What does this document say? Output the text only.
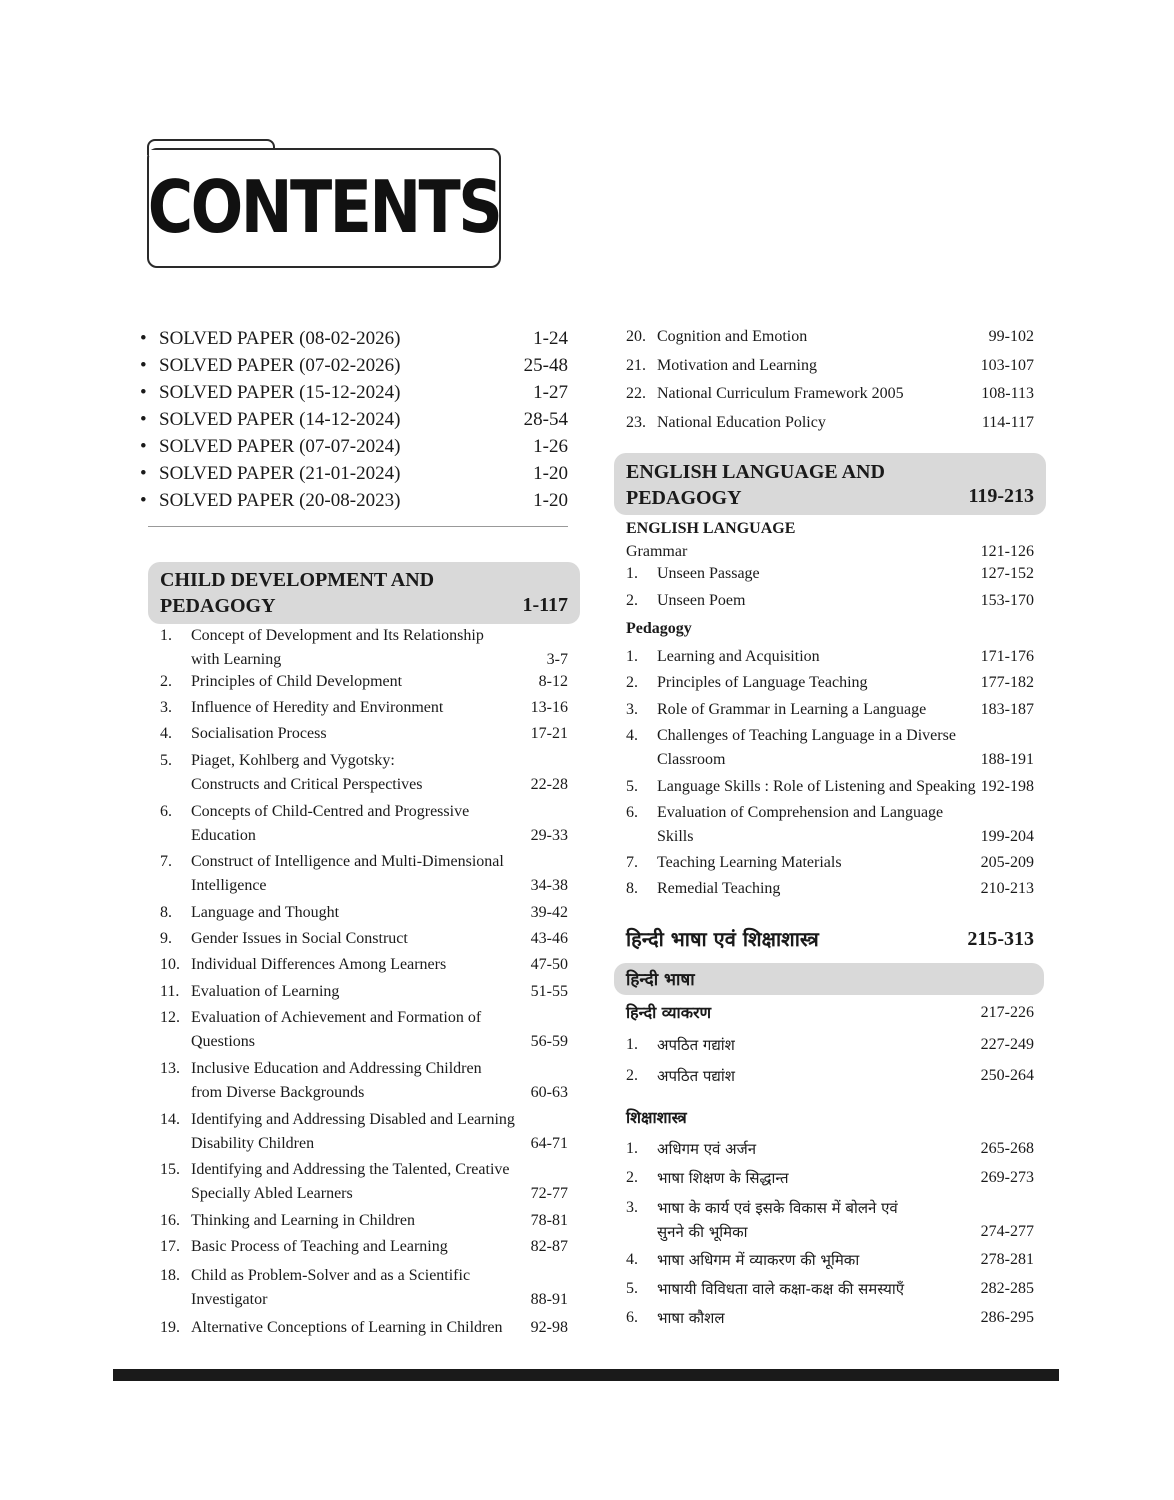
CONTENTS
• SOLVED PAPER (08-02-2026)	1-24
• SOLVED PAPER (07-02-2026)	25-48
• SOLVED PAPER (15-12-2024)	1-27
• SOLVED PAPER (14-12-2024)	28-54
• SOLVED PAPER (07-07-2024)	1-26
• SOLVED PAPER (21-01-2024)	1-20
• SOLVED PAPER (20-08-2023)	1-20
CHILD DEVELOPMENT AND
PEDAGOGY	1-117
1. Concept of Development and Its Relationship
with Learning	3-7
2. Principles of Child Development	8-12
3. Influence of Heredity and Environment	13-16
4. Socialisation Process	17-21
5. Piaget, Kohlberg and Vygotsky:
Constructs and Critical Perspectives	22-28
6. Concepts of Child-Centred and Progressive
Education	29-33
7. Construct of Intelligence and Multi-Dimensional
Intelligence	34-38
8. Language and Thought	39-42
9. Gender Issues in Social Construct	43-46
10. Individual Differences Among Learners	47-50
11. Evaluation of Learning	51-55
12. Evaluation of Achievement and Formation of
Questions	56-59
13. Inclusive Education and Addressing Children
from Diverse Backgrounds	60-63
14. Identifying and Addressing Disabled and Learning
Disability Children	64-71
15. Identifying and Addressing the Talented, Creative
Specially Abled Learners	72-77
16. Thinking and Learning in Children	78-81
17. Basic Process of Teaching and Learning	82-87
18. Child as Problem-Solver and as a Scientific
Investigator	88-91
19. Alternative Conceptions of Learning in Children 92-98
20. Cognition and Emotion	99-102
21. Motivation and Learning	103-107
22. National Curriculum Framework 2005	108-113
23. National Education Policy	114-117
ENGLISH LANGUAGE AND
PEDAGOGY	119-213
ENGLISH LANGUAGE
Grammar	121-126
1. Unseen Passage	127-152
2. Unseen Poem	153-170
Pedagogy
1. Learning and Acquisition	171-176
2. Principles of Language Teaching	177-182
3. Role of Grammar in Learning a Language	183-187
4. Challenges of Teaching Language in a Diverse
Classroom	188-191
5. Language Skills : Role of Listening and Speaking 192-198
6. Evaluation of Comprehension and Language
Skills	199-204
7. Teaching Learning Materials	205-209
8. Remedial Teaching	210-213
हिन्दी भाषा एवं शिक्षाशास्त्र	215-313
हिन्दी भाषा
हिन्दी व्याकरण	217-226
1. अपठित गद्यांश	227-249
2. अपठित पद्यांश	250-264
शिक्षाशास्त्र
1. अधिगम एवं अर्जन	265-268
2. भाषा शिक्षण के सिद्धान्त	269-273
3. भाषा के कार्य एवं इसके विकास में बोलने एवं
सुनने की भूमिका	274-277
4. भाषा अधिगम में व्याकरण की भूमिका	278-281
5. भाषायी विविधता वाले कक्षा-कक्ष की समस्याएँ	282-285
6. भाषा कौशल	286-295
